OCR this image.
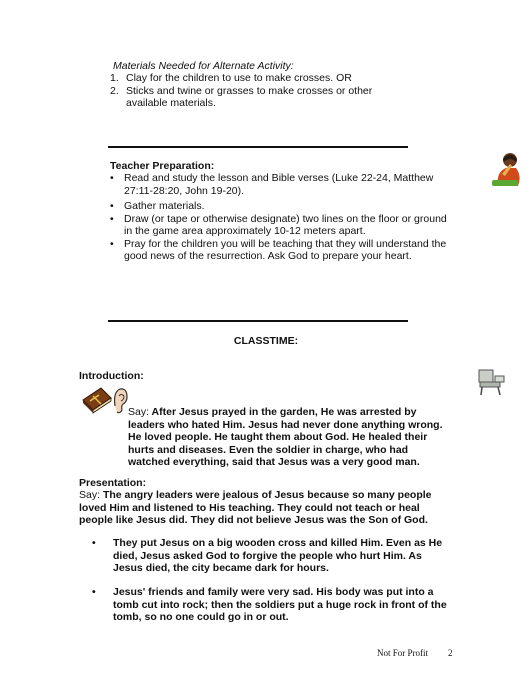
Materials Needed for Alternate Activity:
1. Clay for the children to use to make crosses. OR
2. Sticks and twine or grasses to make crosses or other available materials.
Teacher Preparation:
• Read and study the lesson and Bible verses (Luke 22-24, Matthew 27:11-28:20, John 19-20).
• Gather materials.
• Draw (or tape or otherwise designate) two lines on the floor or ground in the game area approximately 10-12 meters apart.
• Pray for the children you will be teaching that they will understand the good news of the resurrection. Ask God to prepare your heart.
CLASSTIME:
Introduction:
Say: After Jesus prayed in the garden, He was arrested by leaders who hated Him. Jesus had never done anything wrong. He loved people. He taught them about God. He healed their hurts and diseases. Even the soldier in charge, who had watched everything, said that Jesus was a very good man.
Presentation:
Say: The angry leaders were jealous of Jesus because so many people loved Him and listened to His teaching. They could not teach or heal people like Jesus did. They did not believe Jesus was the Son of God.
•	They put Jesus on a big wooden cross and killed Him. Even as He died, Jesus asked God to forgive the people who hurt Him. As Jesus died, the city became dark for hours.
•	Jesus' friends and family were very sad. His body was put into a tomb cut into rock; then the soldiers put a huge rock in front of the tomb, so no one could go in or out.
Not For Profit 2
